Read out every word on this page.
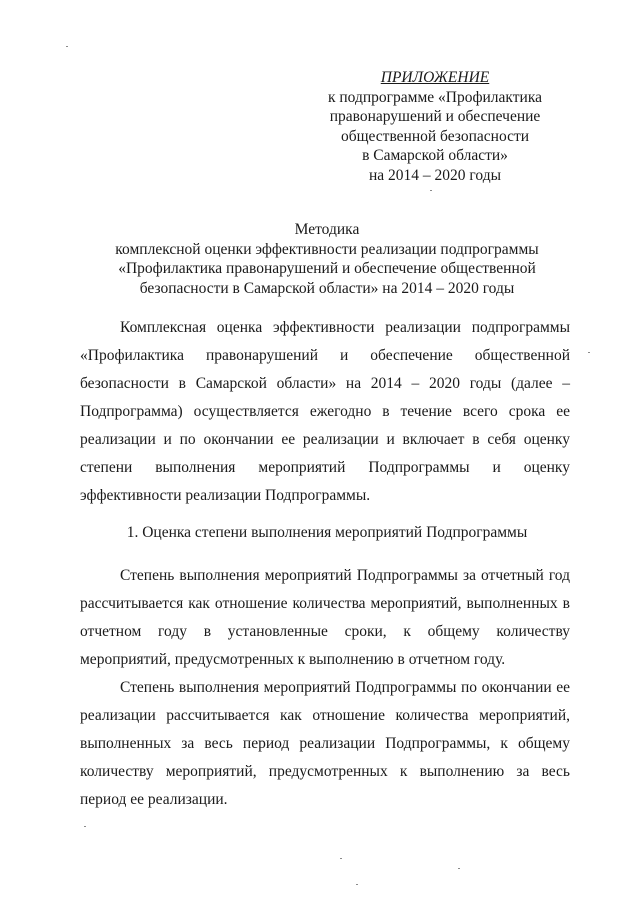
ПРИЛОЖЕНИЕ
к подпрограмме «Профилактика
правонарушений и обеспечение
общественной безопасности
в Самарской области»
на 2014 – 2020 годы
Методика
комплексной оценки эффективности реализации подпрограммы
«Профилактика правонарушений и обеспечение общественной
безопасности в Самарской области» на 2014 – 2020 годы

Комплексная оценка эффективности реализации подпрограммы «Профилактика правонарушений и обеспечение общественной безопасности в Самарской области» на 2014 – 2020 годы (далее – Подпрограмма) осуществляется ежегодно в течение всего срока ее реализации и по окончании ее реализации и включает в себя оценку степени выполнения мероприятий Подпрограммы и оценку эффективности реализации Подпрограммы.

1. Оценка степени выполнения мероприятий Подпрограммы

Степень выполнения мероприятий Подпрограммы за отчетный год рассчитывается как отношение количества мероприятий, выполненных в отчетном году в установленные сроки, к общему количеству мероприятий, предусмотренных к выполнению в отчетном году.

Степень выполнения мероприятий Подпрограммы по окончании ее реализации рассчитывается как отношение количества мероприятий, выполненных за весь период реализации Подпрограммы, к общему количеству мероприятий, предусмотренных к выполнению за весь период ее реализации.
